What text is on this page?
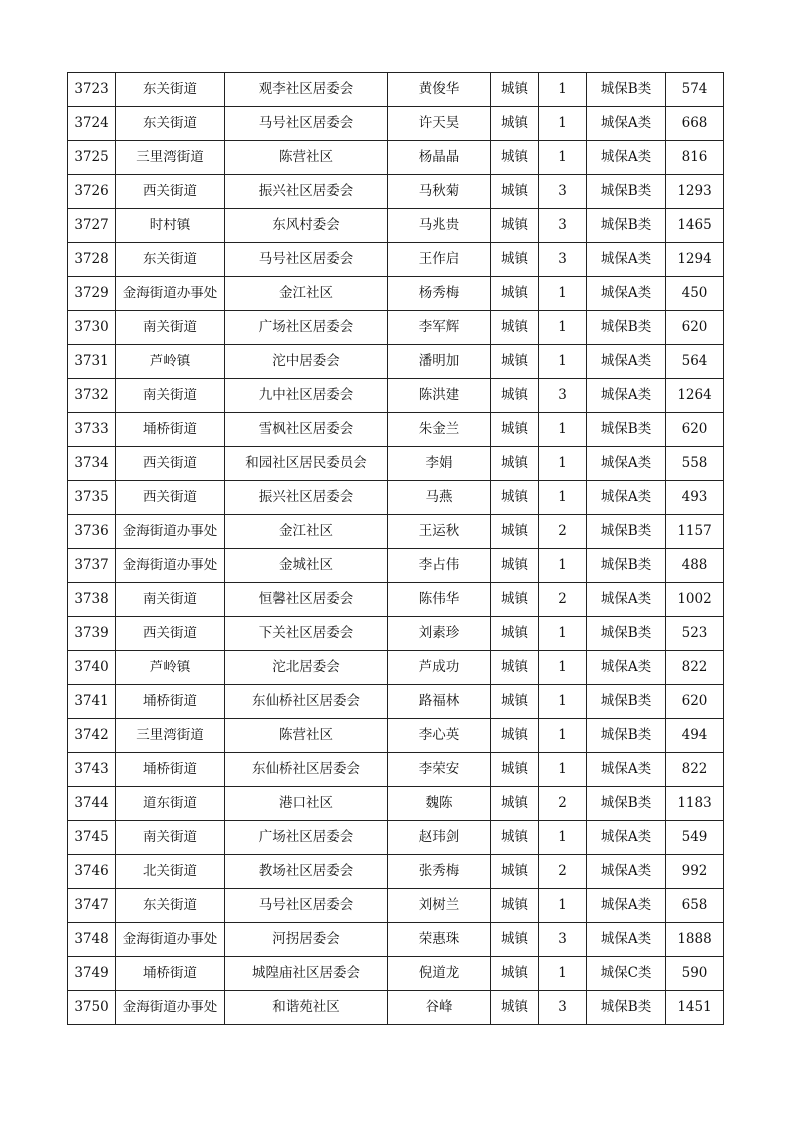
3723	东关街道	观李社区居委会	黄俊华	城镇	1	城保B类	574
3724	东关街道	马号社区居委会	许天昊	城镇	1	城保A类	668
3725	三里湾街道	陈营社区	杨晶晶	城镇	1	城保A类	816
3726	西关街道	振兴社区居委会	马秋菊	城镇	3	城保B类	1293
3727	时村镇	东风村委会	马兆贵	城镇	3	城保B类	1465
3728	东关街道	马号社区居委会	王作启	城镇	3	城保A类	1294
3729	金海街道办事处	金江社区	杨秀梅	城镇	1	城保A类	450
3730	南关街道	广场社区居委会	李军辉	城镇	1	城保B类	620
3731	芦岭镇	沱中居委会	潘明加	城镇	1	城保A类	564
3732	南关街道	九中社区居委会	陈洪建	城镇	3	城保A类	1264
3733	埇桥街道	雪枫社区居委会	朱金兰	城镇	1	城保B类	620
3734	西关街道	和园社区居民委员会	李娟	城镇	1	城保A类	558
3735	西关街道	振兴社区居委会	马燕	城镇	1	城保A类	493
3736	金海街道办事处	金江社区	王运秋	城镇	2	城保B类	1157
3737	金海街道办事处	金城社区	李占伟	城镇	1	城保B类	488
3738	南关街道	恒馨社区居委会	陈伟华	城镇	2	城保A类	1002
3739	西关街道	下关社区居委会	刘素珍	城镇	1	城保B类	523
3740	芦岭镇	沱北居委会	芦成功	城镇	1	城保A类	822
3741	埇桥街道	东仙桥社区居委会	路福林	城镇	1	城保B类	620
3742	三里湾街道	陈营社区	李心英	城镇	1	城保B类	494
3743	埇桥街道	东仙桥社区居委会	李荣安	城镇	1	城保A类	822
3744	道东街道	港口社区	魏陈	城镇	2	城保B类	1183
3745	南关街道	广场社区居委会	赵玮剑	城镇	1	城保A类	549
3746	北关街道	教场社区居委会	张秀梅	城镇	2	城保A类	992
3747	东关街道	马号社区居委会	刘树兰	城镇	1	城保A类	658
3748	金海街道办事处	河拐居委会	荣惠珠	城镇	3	城保A类	1888
3749	埇桥街道	城隍庙社区居委会	倪道龙	城镇	1	城保C类	590
3750	金海街道办事处	和谐苑社区	谷峰	城镇	3	城保B类	1451
